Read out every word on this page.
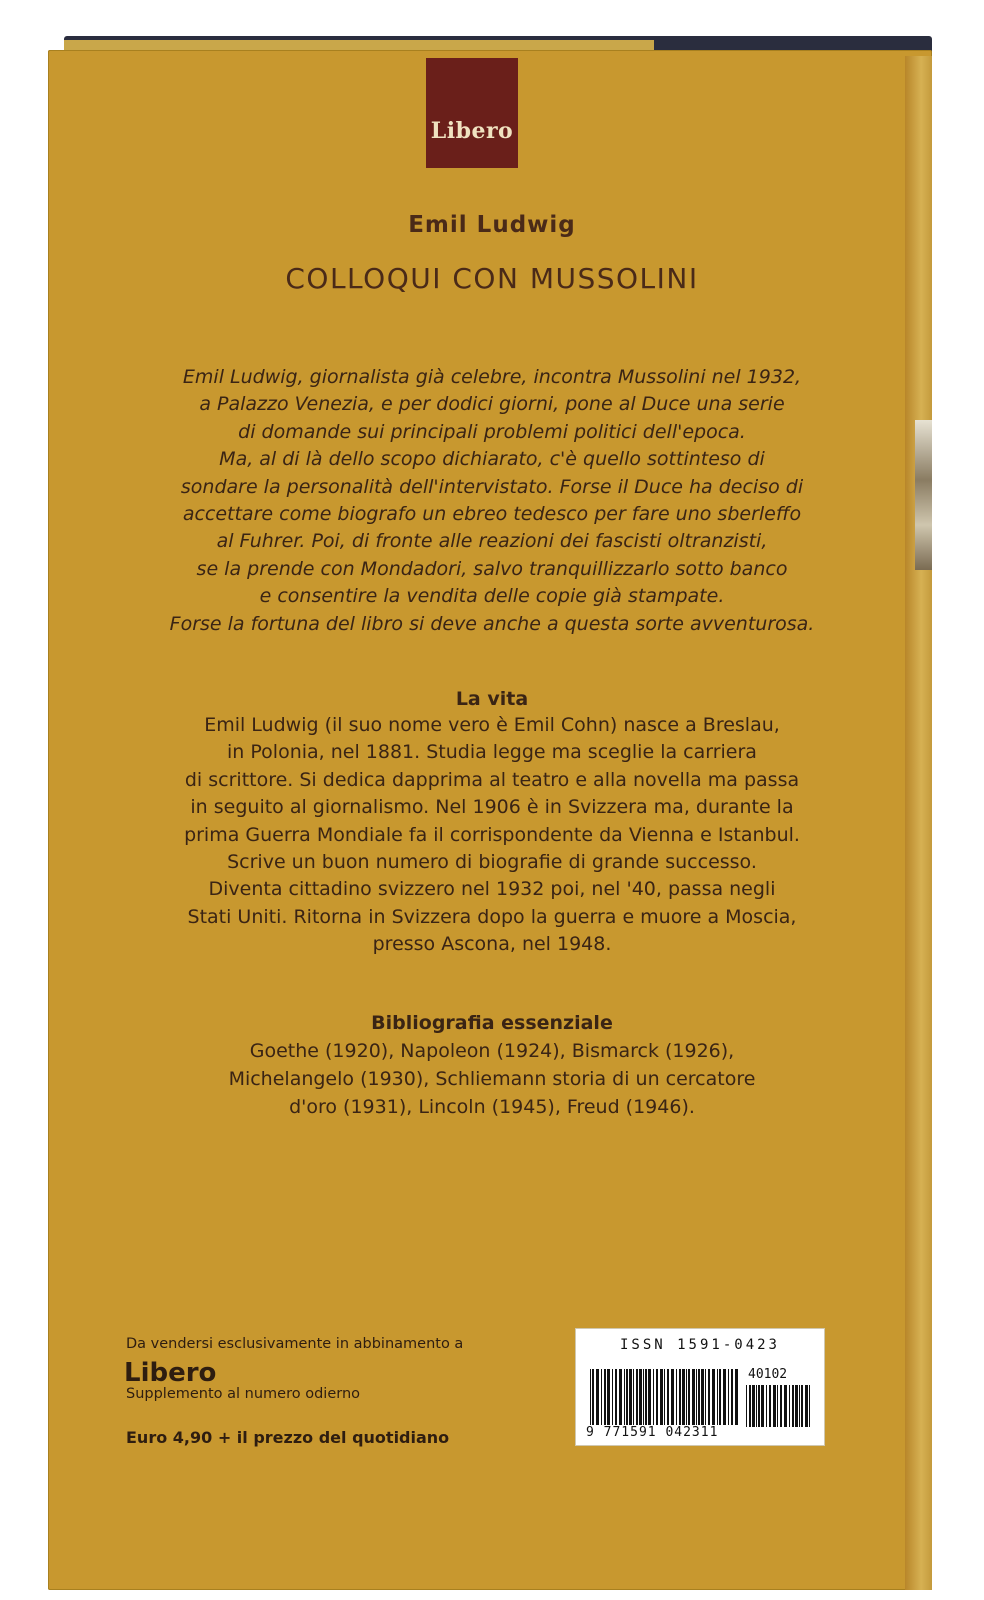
Libero
Emil Ludwig
COLLOQUI CON MUSSOLINI
Emil Ludwig, giornalista già celebre, incontra Mussolini nel 1932,
a Palazzo Venezia, e per dodici giorni, pone al Duce una serie
di domande sui principali problemi politici dell'epoca.
Ma, al di là dello scopo dichiarato, c'è quello sottinteso di
sondare la personalità dell'intervistato. Forse il Duce ha deciso di
accettare come biografo un ebreo tedesco per fare uno sberleffo
al Fuhrer. Poi, di fronte alle reazioni dei fascisti oltranzisti,
se la prende con Mondadori, salvo tranquillizzarlo sotto banco
e consentire la vendita delle copie già stampate.
Forse la fortuna del libro si deve anche a questa sorte avventurosa.
La vita
Emil Ludwig (il suo nome vero è Emil Cohn) nasce a Breslau,
in Polonia, nel 1881. Studia legge ma sceglie la carriera
di scrittore. Si dedica dapprima al teatro e alla novella ma passa
in seguito al giornalismo. Nel 1906 è in Svizzera ma, durante la
prima Guerra Mondiale fa il corrispondente da Vienna e Istanbul.
Scrive un buon numero di biografie di grande successo.
Diventa cittadino svizzero nel 1932 poi, nel '40, passa negli
Stati Uniti. Ritorna in Svizzera dopo la guerra e muore a Moscia,
presso Ascona, nel 1948.
Bibliografia essenziale
Goethe (1920), Napoleon (1924), Bismarck (1926),
Michelangelo (1930), Schliemann storia di un cercatore
d'oro (1931), Lincoln (1945), Freud (1946).
Da vendersi esclusivamente in abbinamento a
Libero
Supplemento al numero odierno
Euro 4,90 + il prezzo del quotidiano
ISSN 1591-0423
40102
9 771591 042311
